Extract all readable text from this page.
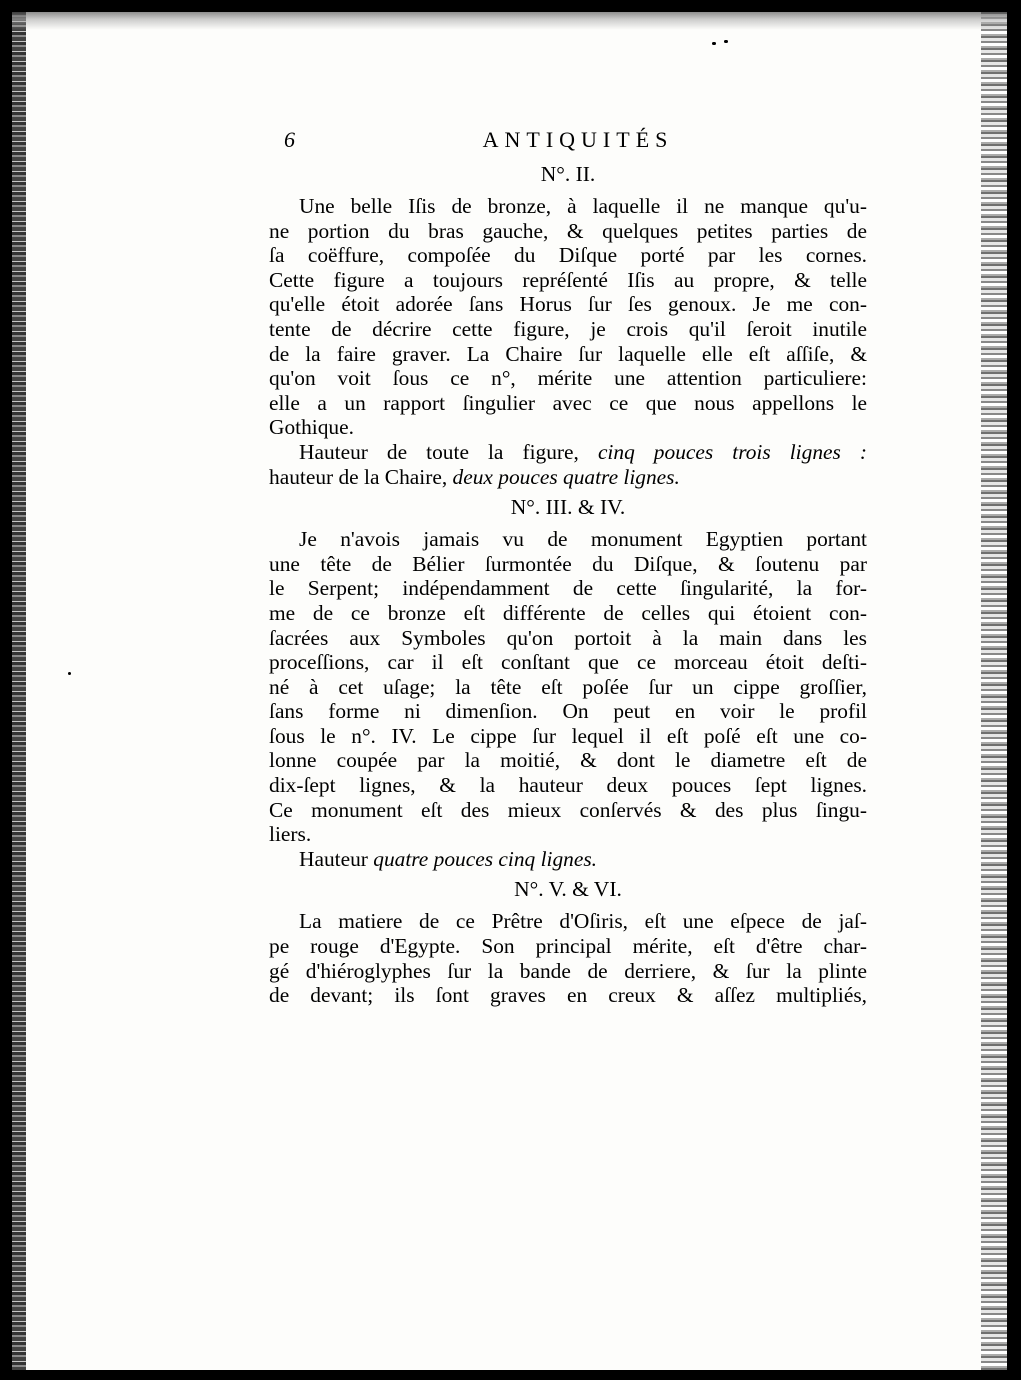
6	ANTIQUITÉS
N°. II.

Une belle Iſis de bronze, à laquelle il ne manque qu'u-
ne portion du bras gauche, & quelques petites parties de
ſa coëffure, compoſée du Diſque porté par les cornes.
Cette figure a toujours repréſenté Iſis au propre, & telle
qu'elle étoit adorée ſans Horus ſur ſes genoux. Je me con-
tente de décrire cette figure, je crois qu'il ſeroit inutile
de la faire graver. La Chaire ſur laquelle elle eſt aſſiſe, &
qu'on voit ſous ce n°, mérite une attention particuliere:
elle a un rapport ſingulier avec ce que nous appellons le
Gothique.

Hauteur de toute la figure, cinq pouces trois lignes :
hauteur de la Chaire, deux pouces quatre lignes.

N°. III. & IV.

Je n'avois jamais vu de monument Egyptien portant
une tête de Bélier ſurmontée du Diſque, & ſoutenu par
le Serpent; indépendamment de cette ſingularité, la for-
me de ce bronze eſt différente de celles qui étoient con-
ſacrées aux Symboles qu'on portoit à la main dans les
proceſſions, car il eſt conſtant que ce morceau étoit deſti-
né à cet uſage; la tête eſt poſée ſur un cippe groſſier,
ſans forme ni dimenſion. On peut en voir le profil
ſous le n°. IV. Le cippe ſur lequel il eſt poſé eſt une co-
lonne coupée par la moitié, & dont le diametre eſt de
dix-ſept lignes, & la hauteur deux pouces ſept lignes.
Ce monument eſt des mieux conſervés & des plus ſingu-
liers.

Hauteur quatre pouces cinq lignes.

N°. V. & VI.

La matiere de ce Prêtre d'Oſiris, eſt une eſpece de jaſ-
pe rouge d'Egypte. Son principal mérite, eſt d'être char-
gé d'hiéroglyphes ſur la bande de derriere, & ſur la plinte
de devant; ils ſont graves en creux & aſſez multipliés,
